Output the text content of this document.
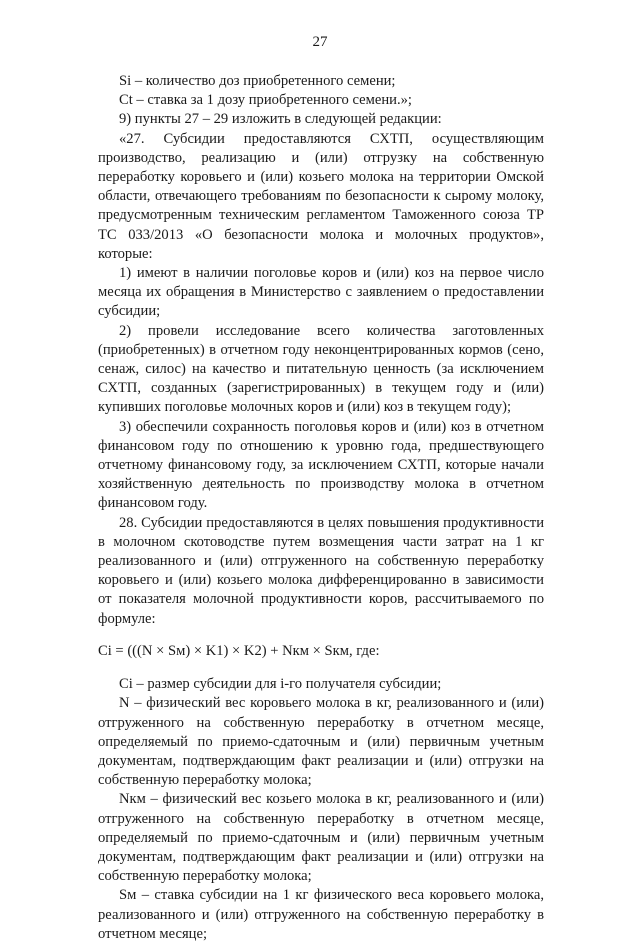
27

Si – количество доз приобретенного семени;

Ct – ставка за 1 дозу приобретенного семени.»;

9) пункты 27 – 29 изложить в следующей редакции:

«27. Субсидии предоставляются СХТП, осуществляющим производство, реализацию и (или) отгрузку на собственную переработку коровьего и (или) козьего молока на территории Омской области, отвечающего требованиям по безопасности к сырому молоку, предусмотренным техническим регламентом Таможенного союза ТР ТС 033/2013 «О безопасности молока и молочных продуктов», которые:

1) имеют в наличии поголовье коров и (или) коз на первое число месяца их обращения в Министерство с заявлением о предоставлении субсидии;

2) провели исследование всего количества заготовленных (приобретенных) в отчетном году неконцентрированных кормов (сено, сенаж, силос) на качество и питательную ценность (за исключением СХТП, созданных (зарегистрированных) в текущем году и (или) купивших поголовье молочных коров и (или) коз в текущем году);

3) обеспечили сохранность поголовья коров и (или) коз в отчетном финансовом году по отношению к уровню года, предшествующего отчетному финансовому году, за исключением СХТП, которые начали хозяйственную деятельность по производству молока в отчетном финансовом году.

28. Субсидии предоставляются в целях повышения продуктивности в молочном скотоводстве путем возмещения части затрат на 1 кг реализованного и (или) отгруженного на собственную переработку коровьего и (или) козьего молока дифференцированно в зависимости от показателя молочной продуктивности коров, рассчитываемого по формуле:

Ci = (((N × Sм) × K1) × K2) + Nкм × Sкм, где:

Ci – размер субсидии для i-го получателя субсидии;

N – физический вес коровьего молока в кг, реализованного и (или) отгруженного на собственную переработку в отчетном месяце, определяемый по приемо-сдаточным и (или) первичным учетным документам, подтверждающим факт реализации и (или) отгрузки на собственную переработку молока;

Nкм – физический вес козьего молока в кг, реализованного и (или) отгруженного на собственную переработку в отчетном месяце, определяемый по приемо-сдаточным и (или) первичным учетным документам, подтверждающим факт реализации и (или) отгрузки на собственную переработку молока;

Sм – ставка субсидии на 1 кг физического веса коровьего молока, реализованного и (или) отгруженного на собственную переработку в отчетном месяце;
